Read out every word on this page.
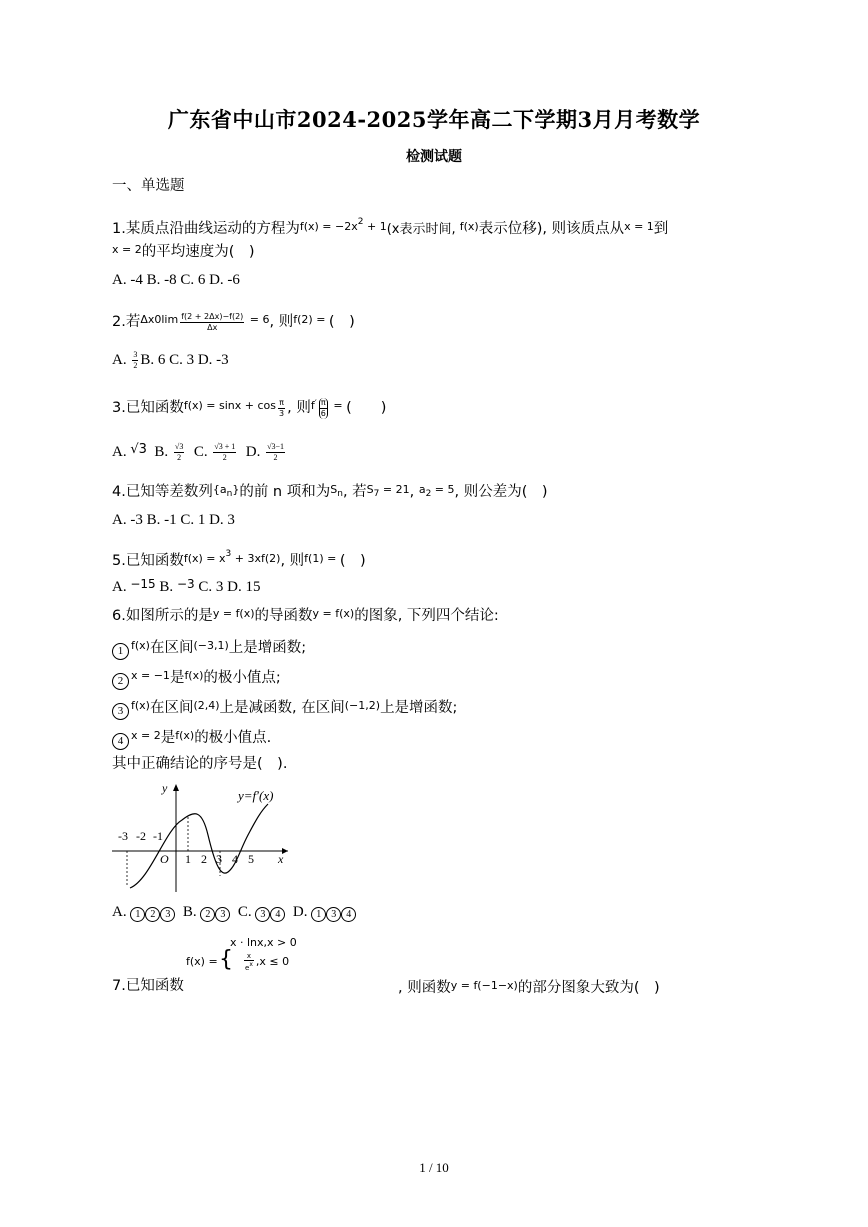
广东省中山市2024-2025学年高二下学期3月月考数学
检测试题
一、单选题
1.某质点沿曲线运动的方程为$^{f(x) = -2x^2 + 1}$(x表示时间, $^{f(x)}$表示位移), 则该质点从$^{x = 1}$到
$^{x = 2}$的平均速度为(　)
A. -4 B. -8 C. 6 D. -6
2.若$^{\Delta x0lim} \frac{f(2 + 2\Delta x)-f(2)}{\Delta x} ^{= 6}$, 则$^{f(2) =}$ (　)
A. $\frac{3}{2} B$. 6 C. 3 D. -3
3.已知函数$^{f(x) = sinx + cos} \frac{\pi}{3}$ , 则$^{f'} \frac{\pi}{6} ^=$ (　　)
A. √3  B. $\frac{√3}{2} C$. $\frac{√3 + 1}{2} D$. $\frac{√3-1}{2}$
4.已知等差数列$^{\{a_n\}}$的前 n 项和为$^{S_n}$, 若$^{S_7 = 21}$, $^{a_2 = 5}$, 则公差为(　)
A. -3 B. -1 C. 1 D. 3
5.已知函数$^{f(x) = x^3 + 3xf(2)}$, 则$^{f(1) =}$ (　)
A. $^{-15}$ B. $^{-3}$ C. 3 D. 15
6.如图所示的是$^{y = f(x)}$的导函数$^{y = f(x)}$的图象, 下列四个结论:
1 $^{f(x)}$在区间$^{(-3,1)}$上是增函数;
2 $^{x = -1}$是$^{f(x)}$的极小值点;
3 $^{f(x)}$在区间$^{(2,4)}$上是减函数, 在区间$^{(-1,2)}$上是增函数;
4 $^{x = 2}$是$^{f(x)}$的极小值点.
其中正确结论的序号是(　).
y
x
O
y=f′(x)
-3 -2 -1
1 2 3 4 5
A. 1 2 3 B. 2 3 C. 3 4 D. 1 3 4
7.已知函数
f(x) = {
x · lnx,x > 0
$\frac{x}{ex} ,x \le 0$
, 则函数$^{y = f(-1-x)}$的部分图象大致为(　)
1 / 10
